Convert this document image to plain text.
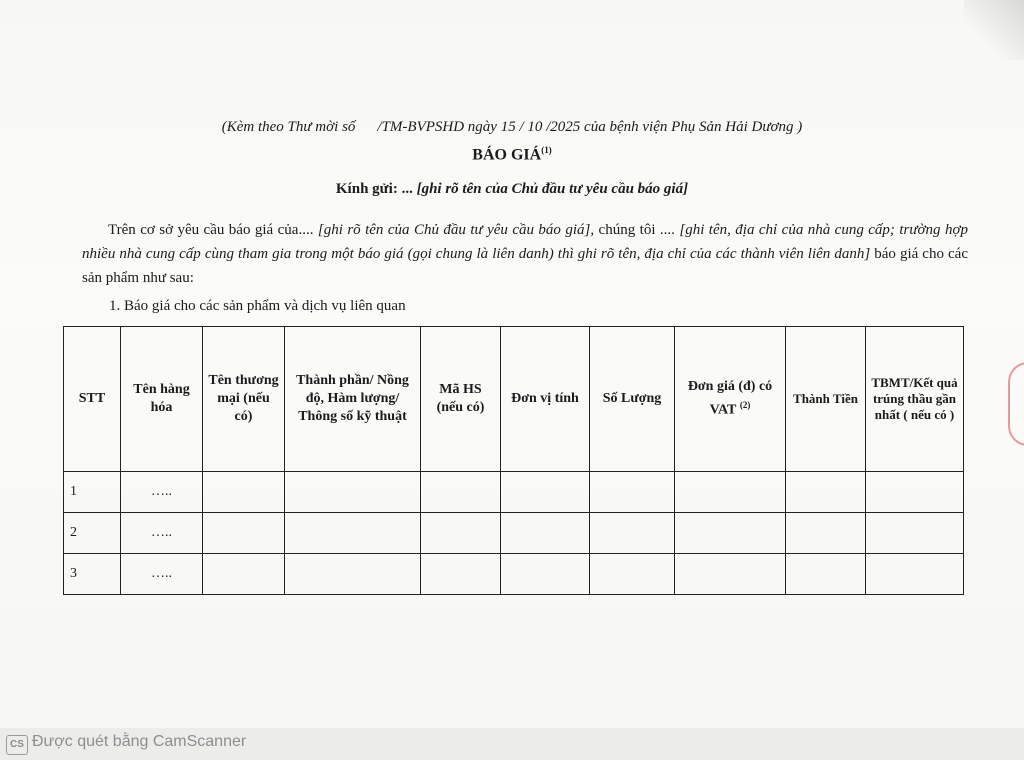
(Kèm theo Thư mời số /TM-BVPSHD ngày 15 / 10 /2025 của bệnh viện Phụ Sản Hải Dương )
BÁO GIÁ$^{(1)}$
Kính gửi: ... [ghi rõ tên của Chủ đầu tư yêu cầu báo giá]
Trên cơ sở yêu cầu báo giá của.... [ghi rõ tên của Chủ đầu tư yêu cầu báo giá], chúng tôi .... [ghi tên, địa chỉ của nhà cung cấp; trường hợp nhiều nhà cung cấp cùng tham gia trong một báo giá (gọi chung là liên danh) thì ghi rõ tên, địa chỉ của các thành viên liên danh] báo giá cho các sản phẩm như sau:
1. Báo giá cho các sản phẩm và dịch vụ liên quan
STT	Tên hàng hóa	Tên thương mại (nếu có)	Thành phần/ Nồng độ, Hàm lượng/ Thông số kỹ thuật	Mã HS (nếu có)	Đơn vị tính	Số Lượng	Đơn giá (đ) có VAT $^{(2)}$	Thành Tiền	TBMT/Kết quả trúng thầu gần nhất ( nếu có )
1	…..								
2	…..								
3	…..								
CS Được quét bằng CamScanner
